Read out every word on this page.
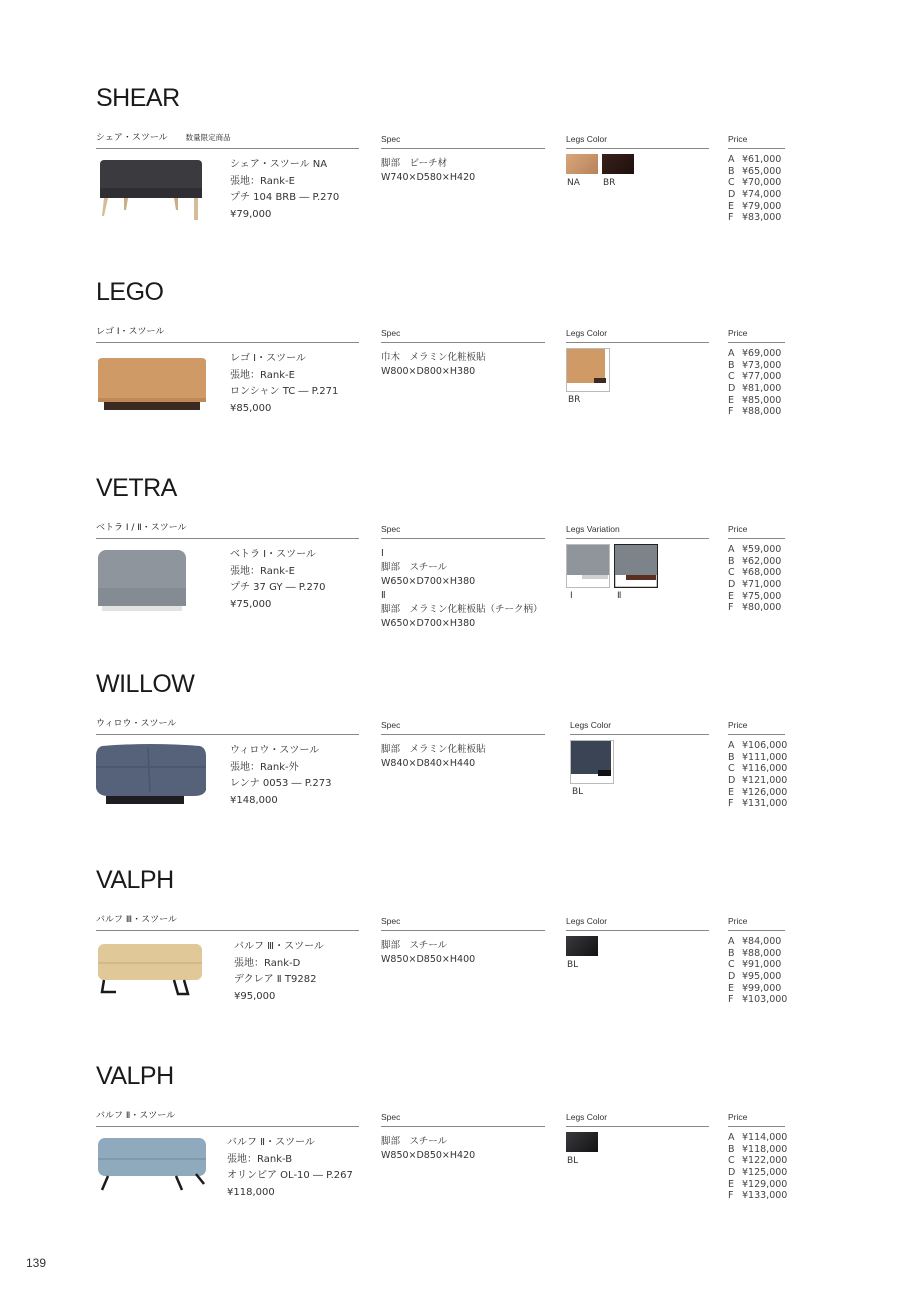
SHEAR
シェア・スツール 数量限定商品
シェア・スツール NA
張地：Rank-E
プチ 104 BRB ― P.270
¥79,000
Spec
脚部　ビーチ材
W740×D580×H420
Legs Color
NA	BR
Price
A ¥61,000
B ¥65,000
C ¥70,000
D ¥74,000
E ¥79,000
F ¥83,000
LEGO
レゴ Ⅰ・スツール
レゴ Ⅰ・スツール
張地：Rank-E
ロンシャン TC ― P.271
¥85,000
Spec
巾木　メラミン化粧板貼
W800×D800×H380
Legs Color
BR
Price
A ¥69,000
B ¥73,000
C ¥77,000
D ¥81,000
E ¥85,000
F ¥88,000
VETRA
ベトラ Ⅰ / Ⅱ・スツール
ベトラ Ⅰ・スツール
張地：Rank-E
プチ 37 GY ― P.270
¥75,000
Spec
Ⅰ
脚部　スチール
W650×D700×H380
Ⅱ
脚部　メラミン化粧板貼（チーク柄）
W650×D700×H380
Legs Variation
Ⅰ	Ⅱ
Price
A ¥59,000
B ¥62,000
C ¥68,000
D ¥71,000
E ¥75,000
F ¥80,000
WILLOW
ウィロウ・スツール
ウィロウ・スツール
張地：Rank-外
レンナ 0053 ― P.273
¥148,000
Spec
脚部　メラミン化粧板貼
W840×D840×H440
Legs Color
BL
Price
A ¥106,000
B ¥111,000
C ¥116,000
D ¥121,000
E ¥126,000
F ¥131,000
VALPH
バルフ Ⅲ・スツール
バルフ Ⅲ・スツール
張地：Rank-D
デクレア Ⅱ T9282
¥95,000
Spec
脚部　スチール
W850×D850×H400
Legs Color
BL
Price
A ¥84,000
B ¥88,000
C ¥91,000
D ¥95,000
E ¥99,000
F ¥103,000
VALPH
バルフ Ⅱ・スツール
バルフ Ⅱ・スツール
張地：Rank-B
オリンピア OL-10 ― P.267
¥118,000
Spec
脚部　スチール
W850×D850×H420
Legs Color
BL
Price
A ¥114,000
B ¥118,000
C ¥122,000
D ¥125,000
E ¥129,000
F ¥133,000
139
